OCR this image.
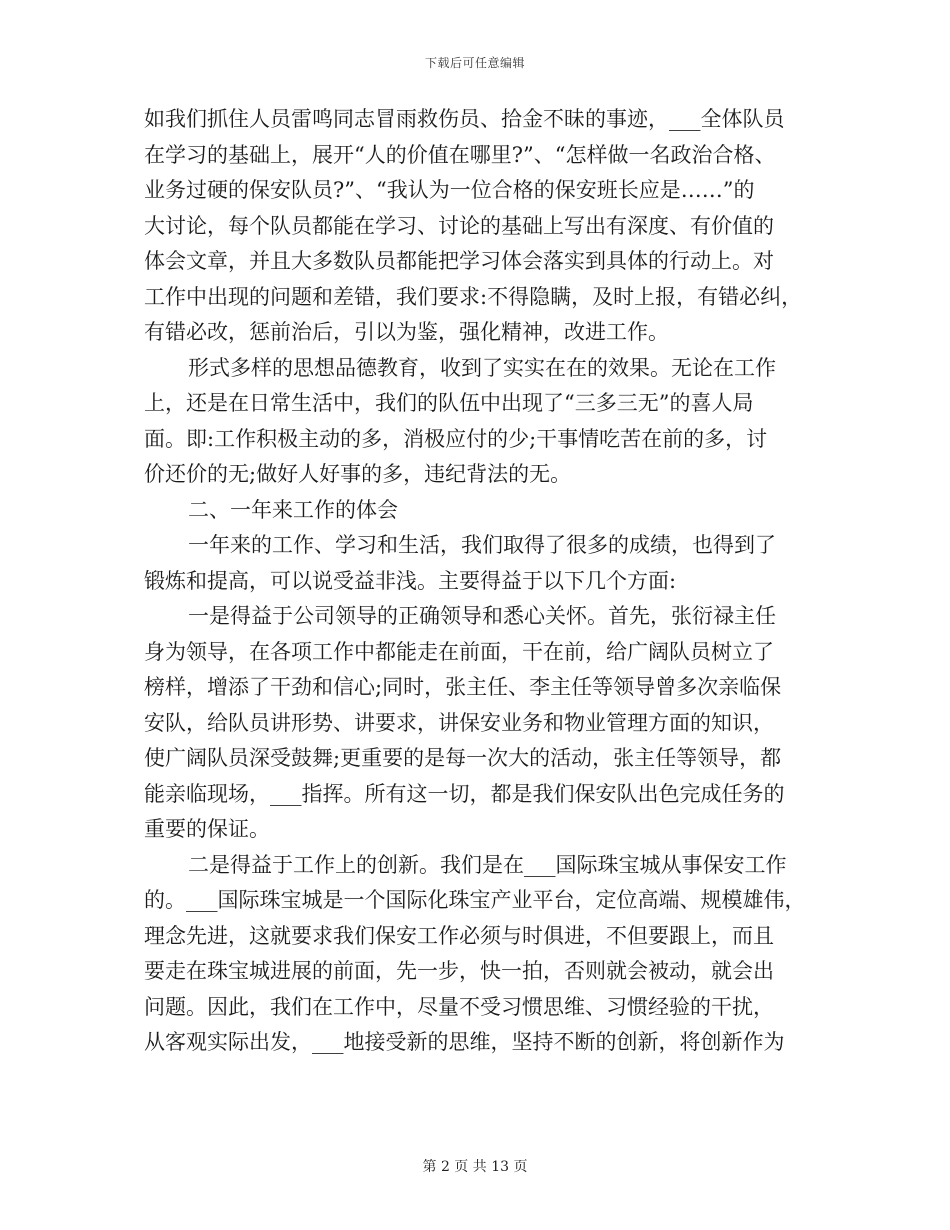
下载后可任意编辑
如我们抓住人员雷鸣同志冒雨救伤员、拾金不昧的事迹，___全体队员
在学习的基础上，展开“人的价值在哪里?”、“怎样做一名政治合格、
业务过硬的保安队员?”、“我认为一位合格的保安班长应是……”的
大讨论，每个队员都能在学习、讨论的基础上写出有深度、有价值的
体会文章，并且大多数队员都能把学习体会落实到具体的行动上。对
工作中出现的问题和差错，我们要求:不得隐瞒，及时上报，有错必纠，
有错必改，惩前治后，引以为鉴，强化精神，改进工作。
形式多样的思想品德教育，收到了实实在在的效果。无论在工作
上，还是在日常生活中，我们的队伍中出现了“三多三无”的喜人局
面。即:工作积极主动的多，消极应付的少;干事情吃苦在前的多，讨
价还价的无;做好人好事的多，违纪背法的无。
二、一年来工作的体会
一年来的工作、学习和生活，我们取得了很多的成绩，也得到了
锻炼和提高，可以说受益非浅。主要得益于以下几个方面:
一是得益于公司领导的正确领导和悉心关怀。首先，张衍禄主任
身为领导，在各项工作中都能走在前面，干在前，给广阔队员树立了
榜样，增添了干劲和信心;同时，张主任、李主任等领导曾多次亲临保
安队，给队员讲形势、讲要求，讲保安业务和物业管理方面的知识，
使广阔队员深受鼓舞;更重要的是每一次大的活动，张主任等领导，都
能亲临现场，___指挥。所有这一切，都是我们保安队出色完成任务的
重要的保证。
二是得益于工作上的创新。我们是在___国际珠宝城从事保安工作
的。___国际珠宝城是一个国际化珠宝产业平台，定位高端、规模雄伟，
理念先进，这就要求我们保安工作必须与时俱进，不但要跟上，而且
要走在珠宝城进展的前面，先一步，快一拍，否则就会被动，就会出
问题。因此，我们在工作中，尽量不受习惯思维、习惯经验的干扰，
从客观实际出发，___地接受新的思维，坚持不断的创新，将创新作为
第 2 页 共 13 页
